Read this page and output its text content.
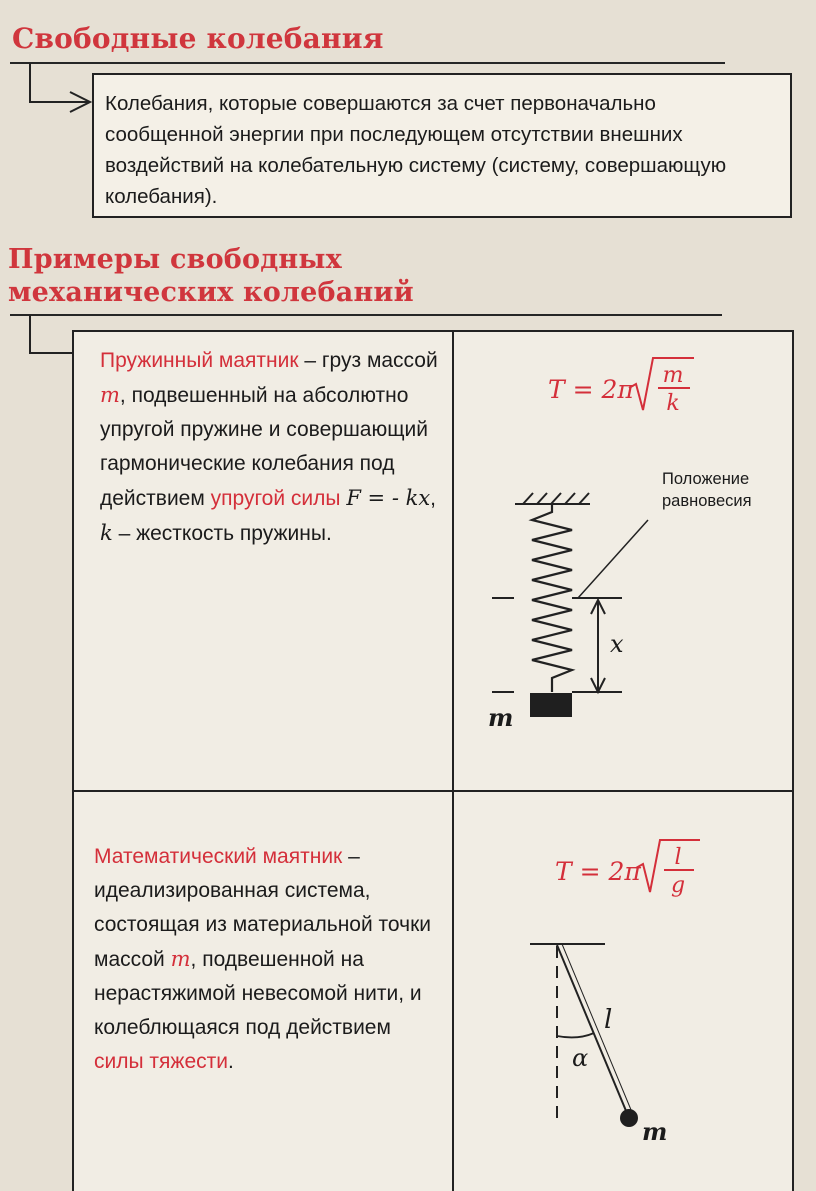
Свободные колебания

Колебания, которые совершаются за счет первоначально сообщенной энергии при последующем отсутствии внешних воздействий на колебательную систему (систему, совершающую колебания).

Примеры свободных
механических колебаний

Пружинный маятник – груз массой m, подвешенный на абсолютно упругой пружине и совершающий гармонические колебания под действием упругой силы F = - kx,
k – жесткость пружины.

T = 2π m
k
Положение
равновесия
x
m

Математический маятник – идеализированная система, состоящая из материальной точки массой m, подвешенной на нерастяжимой невесомой нити, и колеблющаяся под действием силы тяжести.

T = 2π l
g
α
l
m
